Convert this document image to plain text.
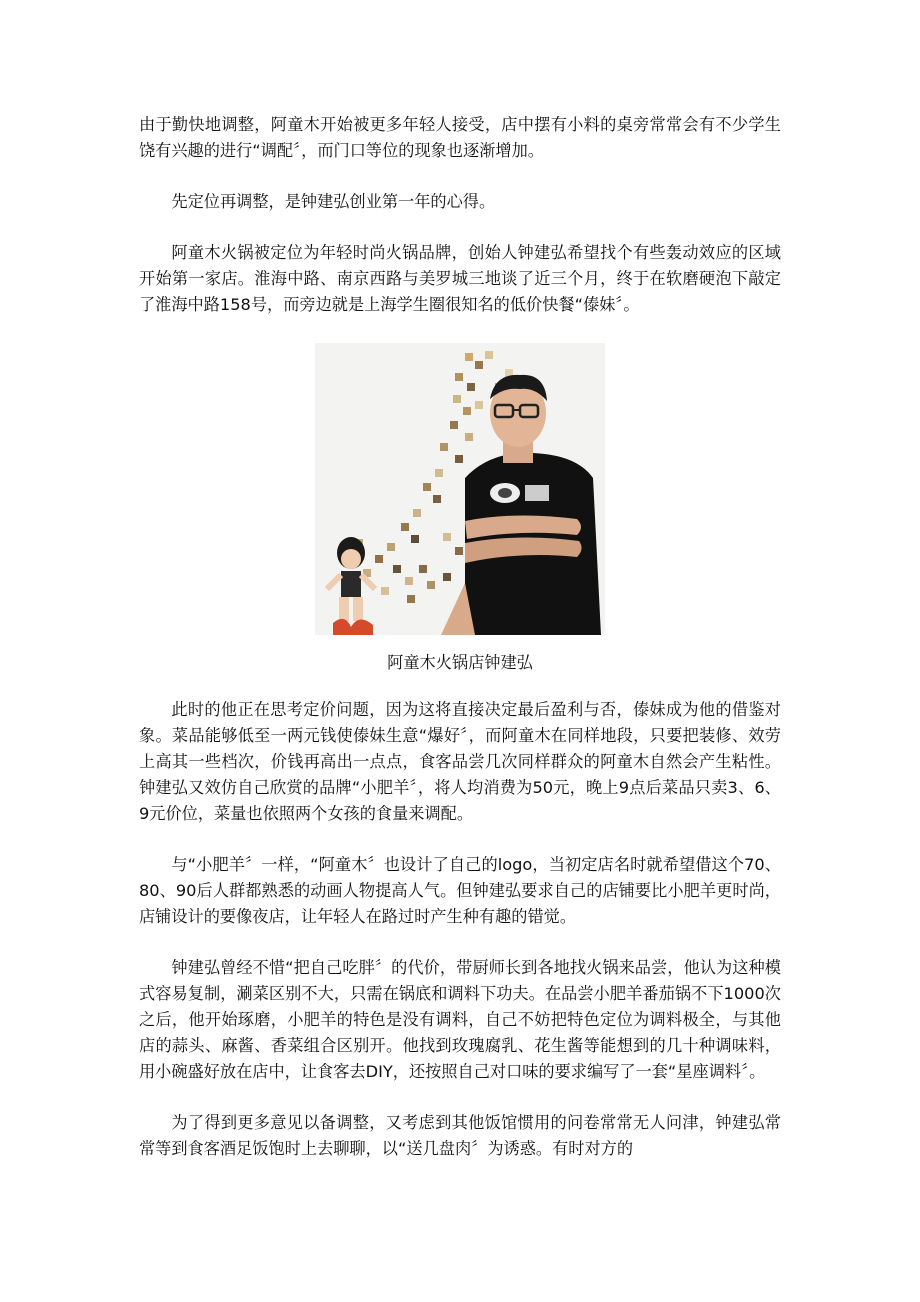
由于勤快地调整，阿童木开始被更多年轻人接受，店中摆有小料的桌旁常常会有不少学生饶有兴趣的进行“调配〞，而门口等位的现象也逐渐增加。

先定位再调整，是钟建弘创业第一年的心得。

阿童木火锅被定位为年轻时尚火锅品牌，创始人钟建弘希望找个有些轰动效应的区域开始第一家店。淮海中路、南京西路与美罗城三地谈了近三个月，终于在软磨硬泡下敲定了淮海中路158号，而旁边就是上海学生圈很知名的低价快餐“傣妹〞。

阿童木火锅店钟建弘

此时的他正在思考定价问题，因为这将直接决定最后盈利与否，傣妹成为他的借鉴对象。菜品能够低至一两元钱使傣妹生意“爆好〞，而阿童木在同样地段，只要把装修、效劳上高其一些档次，价钱再高出一点点，食客品尝几次同样群众的阿童木自然会产生粘性。钟建弘又效仿自己欣赏的品牌“小肥羊〞，将人均消费为50元，晚上9点后菜品只卖3、6、9元价位，菜量也依照两个女孩的食量来调配。

与“小肥羊〞一样，“阿童木〞也设计了自己的logo，当初定店名时就希望借这个70、80、90后人群都熟悉的动画人物提高人气。但钟建弘要求自己的店铺要比小肥羊更时尚，店铺设计的要像夜店，让年轻人在路过时产生种有趣的错觉。

钟建弘曾经不惜“把自己吃胖〞的代价，带厨师长到各地找火锅来品尝，他认为这种模式容易复制，涮菜区别不大，只需在锅底和调料下功夫。在品尝小肥羊番茄锅不下1000次之后，他开始琢磨，小肥羊的特色是没有调料，自己不妨把特色定位为调料极全，与其他店的蒜头、麻酱、香菜组合区别开。他找到玫瑰腐乳、花生酱等能想到的几十种调味料，用小碗盛好放在店中，让食客去DIY，还按照自己对口味的要求编写了一套“星座调料〞。

为了得到更多意见以备调整，又考虑到其他饭馆惯用的问卷常常无人问津，钟建弘常常等到食客酒足饭饱时上去聊聊，以“送几盘肉〞为诱惑。有时对方的
